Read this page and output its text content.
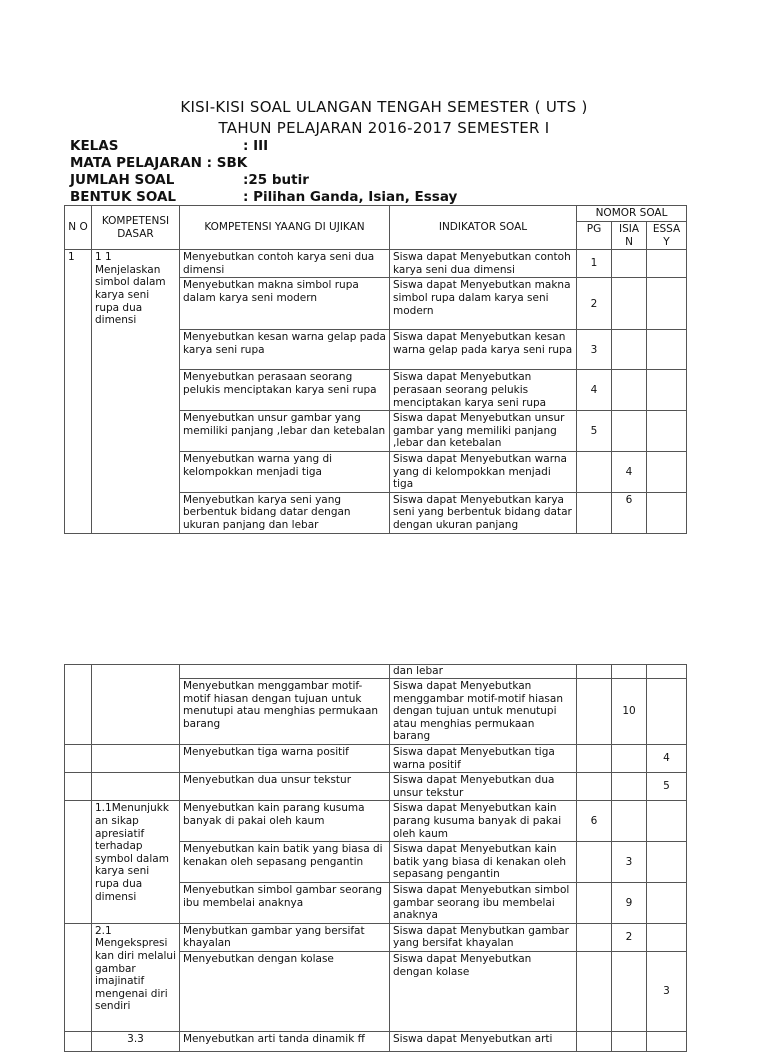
KISI-KISI SOAL ULANGAN TENGAH SEMESTER ( UTS )
TAHUN PELAJARAN 2016-2017 SEMESTER I
KELAS	: III
MATA PELAJARAN : SBK
JUMLAH SOAL	:25 butir
BENTUK SOAL	: Pilihan Ganda, Isian, Essay
N O	KOMPETENSI DASAR	KOMPETENSI YAANG DI UJIKAN	INDIKATOR SOAL	NOMOR SOAL		
				PG	ISIA N	ESSA Y
1	1 1 Menjelaskan simbol dalam karya seni rupa dua dimensi	Menyebutkan contoh karya seni dua dimensi	Siswa dapat Menyebutkan contoh karya seni dua dimensi	1		
		Menyebutkan makna simbol rupa dalam karya seni modern	Siswa dapat Menyebutkan makna simbol rupa dalam karya seni modern	2		
		Menyebutkan kesan warna gelap pada karya seni rupa	Siswa dapat Menyebutkan kesan warna gelap pada karya seni rupa	3		
		Menyebutkan perasaan seorang pelukis menciptakan karya seni rupa	Siswa dapat Menyebutkan perasaan seorang pelukis menciptakan karya seni rupa	4		
		Menyebutkan unsur gambar yang memiliki panjang ,lebar dan ketebalan	Siswa dapat Menyebutkan unsur gambar yang memiliki panjang ,lebar dan ketebalan	5		
		Menyebutkan warna yang di kelompokkan menjadi tiga	Siswa dapat Menyebutkan warna yang di kelompokkan menjadi tiga		4	
		Menyebutkan karya seni yang berbentuk bidang datar dengan ukuran panjang dan lebar	Siswa dapat Menyebutkan karya seni yang berbentuk bidang datar dengan ukuran panjang		6	
			dan lebar			
		Menyebutkan menggambar motif-motif hiasan dengan tujuan untuk menutupi atau menghias permukaan barang	Siswa dapat Menyebutkan menggambar motif-motif hiasan dengan tujuan untuk menutupi atau menghias permukaan barang		10	
		Menyebutkan tiga warna positif	Siswa dapat Menyebutkan tiga warna positif			4
		Menyebutkan dua unsur tekstur	Siswa dapat Menyebutkan dua unsur tekstur			5
	1.1Menunjukk an sikap apresiatif terhadap symbol dalam karya seni rupa dua dimensi	Menyebutkan kain parang kusuma banyak di pakai oleh kaum	Siswa dapat Menyebutkan kain parang kusuma banyak di pakai oleh kaum	6		
		Menyebutkan kain batik yang biasa di kenakan oleh sepasang pengantin	Siswa dapat Menyebutkan kain batik yang biasa di kenakan oleh sepasang pengantin		3	
		Menyebutkan simbol gambar seorang ibu membelai anaknya	Siswa dapat Menyebutkan simbol gambar seorang ibu membelai anaknya		9	
	2.1 Mengekspresi kan diri melalui gambar imajinatif mengenai diri sendiri	Menybutkan gambar yang bersifat khayalan	Siswa dapat Menybutkan gambar yang bersifat khayalan		2	
		Menyebutkan dengan kolase	Siswa dapat Menyebutkan dengan kolase			3
	3.3	Menyebutkan arti tanda dinamik ff	Siswa dapat Menyebutkan arti			
